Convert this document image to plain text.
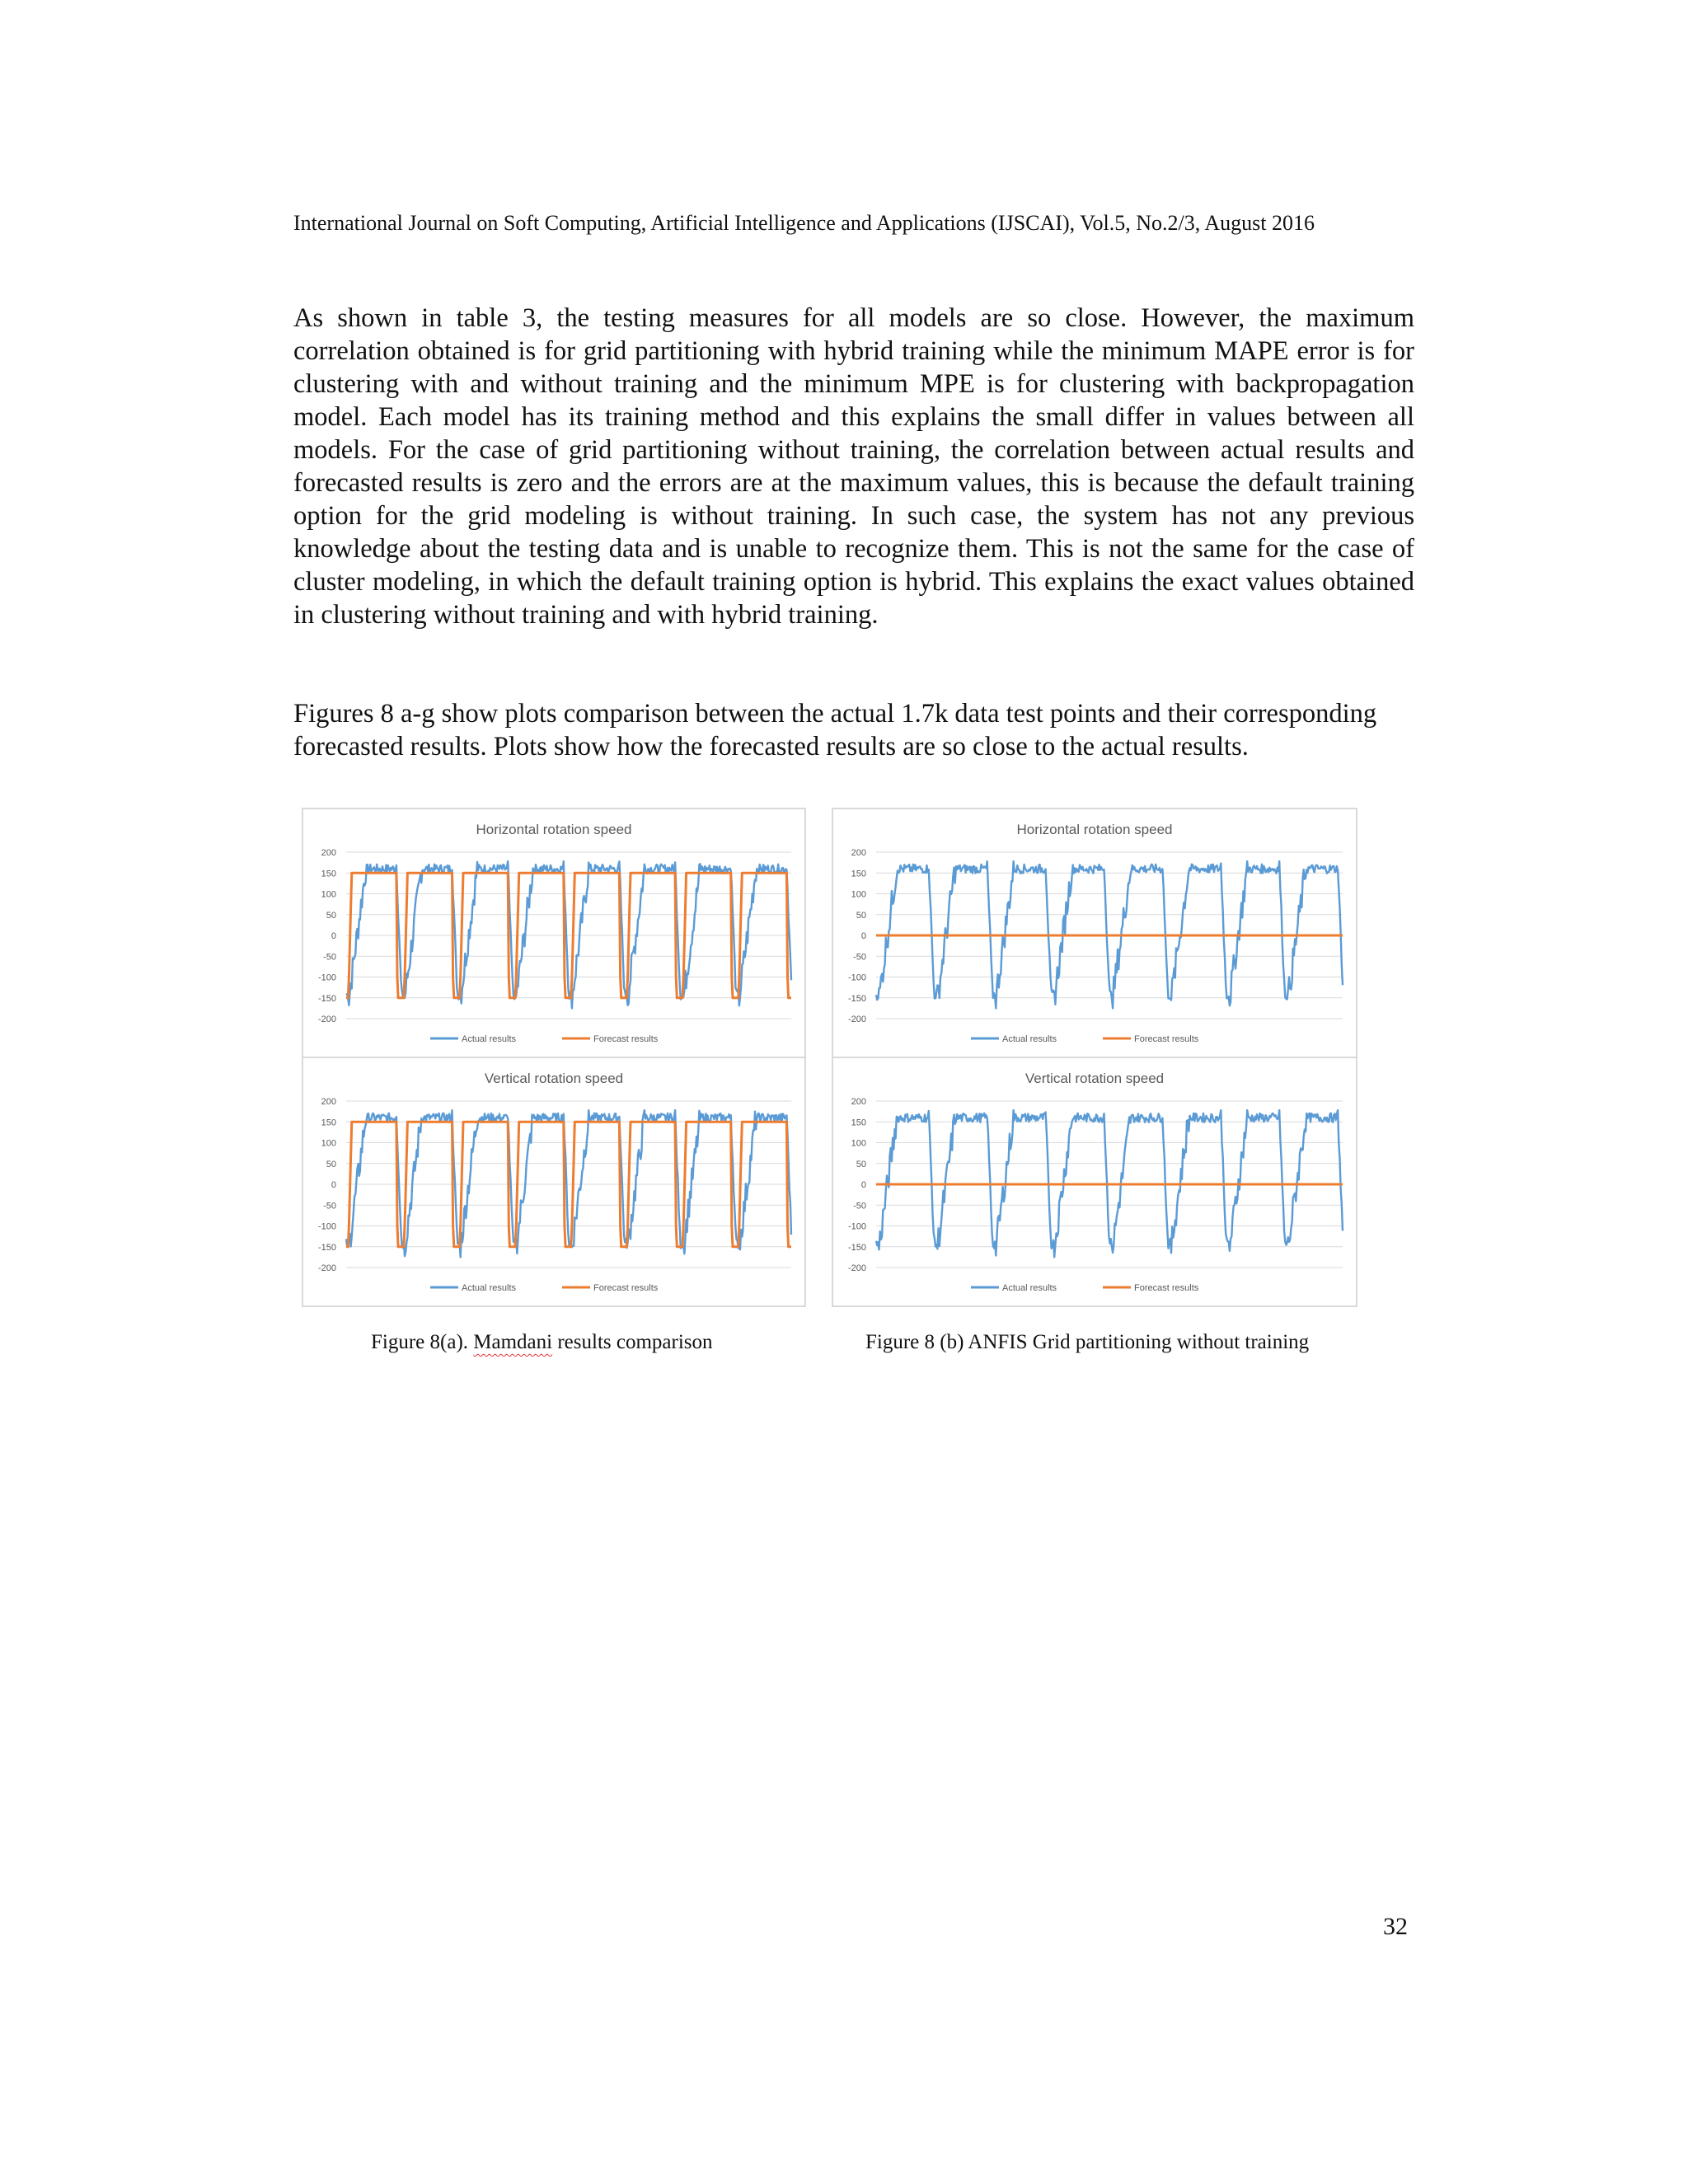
International Journal on Soft Computing, Artificial Intelligence and Applications (IJSCAI), Vol.5, No.2/3, August 2016

As shown in table 3, the testing measures for all models are so close. However, the maximum correlation obtained is for grid partitioning with hybrid training while the minimum MAPE error is for clustering with and without training and the minimum MPE is for clustering with backpropagation model. Each model has its training method and this explains the small differ in values between all models. For the case of grid partitioning without training, the correlation between actual results and forecasted results is zero and the errors are at the maximum values, this is because the default training option for the grid modeling is without training. In such case, the system has not any previous knowledge about the testing data and is unable to recognize them. This is not the same for the case of cluster modeling, in which the default training option is hybrid. This explains the exact values obtained in clustering without training and with hybrid training.

Figures 8 a-g show plots comparison between the actual 1.7k data test points and their corresponding forecasted results. Plots show how the forecasted results are so close to the actual results.

Horizontal rotation speed
200
150
100
50
0
-50
-100
-150
-200
Actual results	Forecast results
Vertical rotation speed
200
150
100
50
0
-50
-100
-150
-200
Actual results	Forecast results
Horizontal rotation speed
200
150
100
50
0
-50
-100
-150
-200
Actual results	Forecast results
Vertical rotation speed
200
150
100
50
0
-50
-100
-150
-200
Actual results	Forecast results
Figure 8(a). Mamdani results comparison	Figure 8 (b) ANFIS Grid partitioning without training
32
